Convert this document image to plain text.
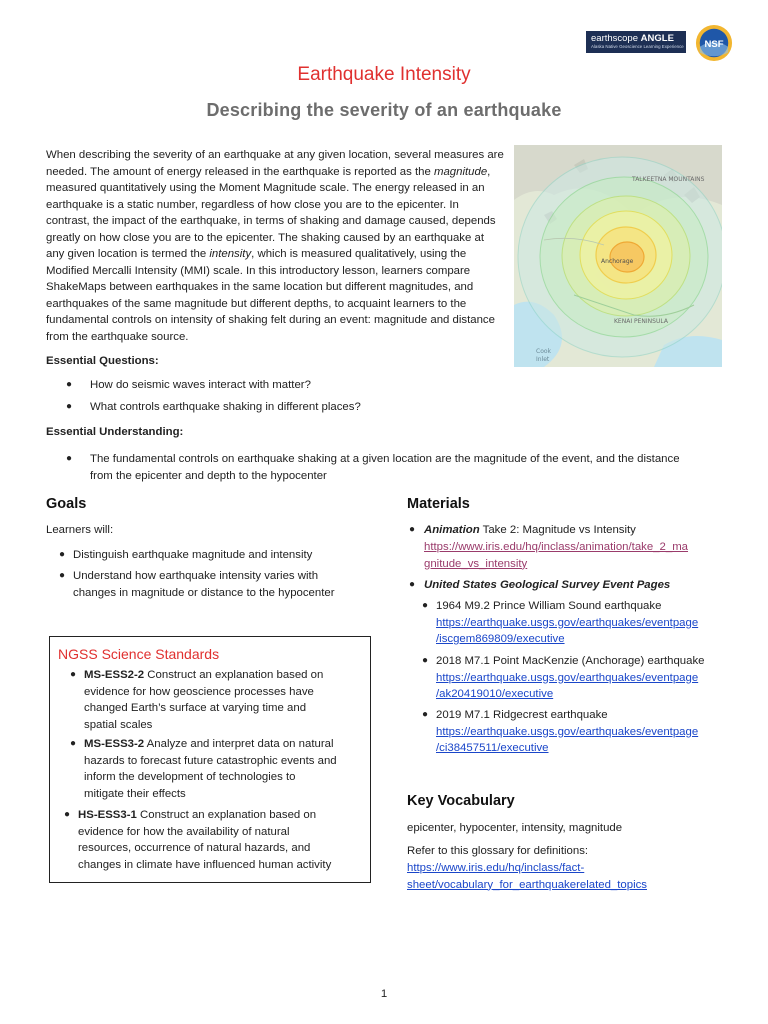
earthscope ANGLE
Alaska Native Geoscience Learning Experience NSF
Earthquake Intensity
Describing the severity of an earthquake
When describing the severity of an earthquake at any given location, several measures are needed. The amount of energy released in the earthquake is reported as the magnitude, measured quantitatively using the Moment Magnitude scale. The energy released in an earthquake is a static number, regardless of how close you are to the epicenter. In contrast, the impact of the earthquake, in terms of shaking and damage caused, depends greatly on how close you are to the epicenter. The shaking caused by an earthquake at any given location is termed the intensity, which is measured qualitatively, using the Modified Mercalli Intensity (MMI) scale. In this introductory lesson, learners compare ShakeMaps between earthquakes in the same location but different magnitudes, and earthquakes of the same magnitude but different depths, to acquaint learners to the fundamental controls on intensity of shaking felt during an event: magnitude and distance from the earthquake source.
TALKEETNA MOUNTAINS
Anchorage
KENAI PENINSULA
Cook
Inlet
Essential Questions:
● How do seismic waves interact with matter?
● What controls earthquake shaking in different places?
Essential Understanding:
● The fundamental controls on earthquake shaking at a given location are the magnitude of the event, and the distance
from the epicenter and depth to the hypocenter
Goals
Learners will:
● Distinguish earthquake magnitude and intensity
● Understand how earthquake intensity varies with
changes in magnitude or distance to the hypocenter
NGSS Science Standards
● MS-ESS2-2 Construct an explanation based on
evidence for how geoscience processes have
changed Earth’s surface at varying time and
spatial scales
● MS-ESS3-2 Analyze and interpret data on natural
hazards to forecast future catastrophic events and
inform the development of technologies to
mitigate their effects
● HS-ESS3-1 Construct an explanation based on
evidence for how the availability of natural
resources, occurrence of natural hazards, and
changes in climate have influenced human activity
Materials
● Animation Take 2: Magnitude vs Intensity
https://www.iris.edu/hq/inclass/animation/take_2_ma
gnitude_vs_intensity
● United States Geological Survey Event Pages
● 1964 M9.2 Prince William Sound earthquake
https://earthquake.usgs.gov/earthquakes/eventpage
/iscgem869809/executive
● 2018 M7.1 Point MacKenzie (Anchorage) earthquake
https://earthquake.usgs.gov/earthquakes/eventpage
/ak20419010/executive
● 2019 M7.1 Ridgecrest earthquake
https://earthquake.usgs.gov/earthquakes/eventpage
/ci38457511/executive
Key Vocabulary
epicenter, hypocenter, intensity, magnitude
Refer to this glossary for definitions:
https://www.iris.edu/hq/inclass/fact-
sheet/vocabulary_for_earthquakerelated_topics
1
